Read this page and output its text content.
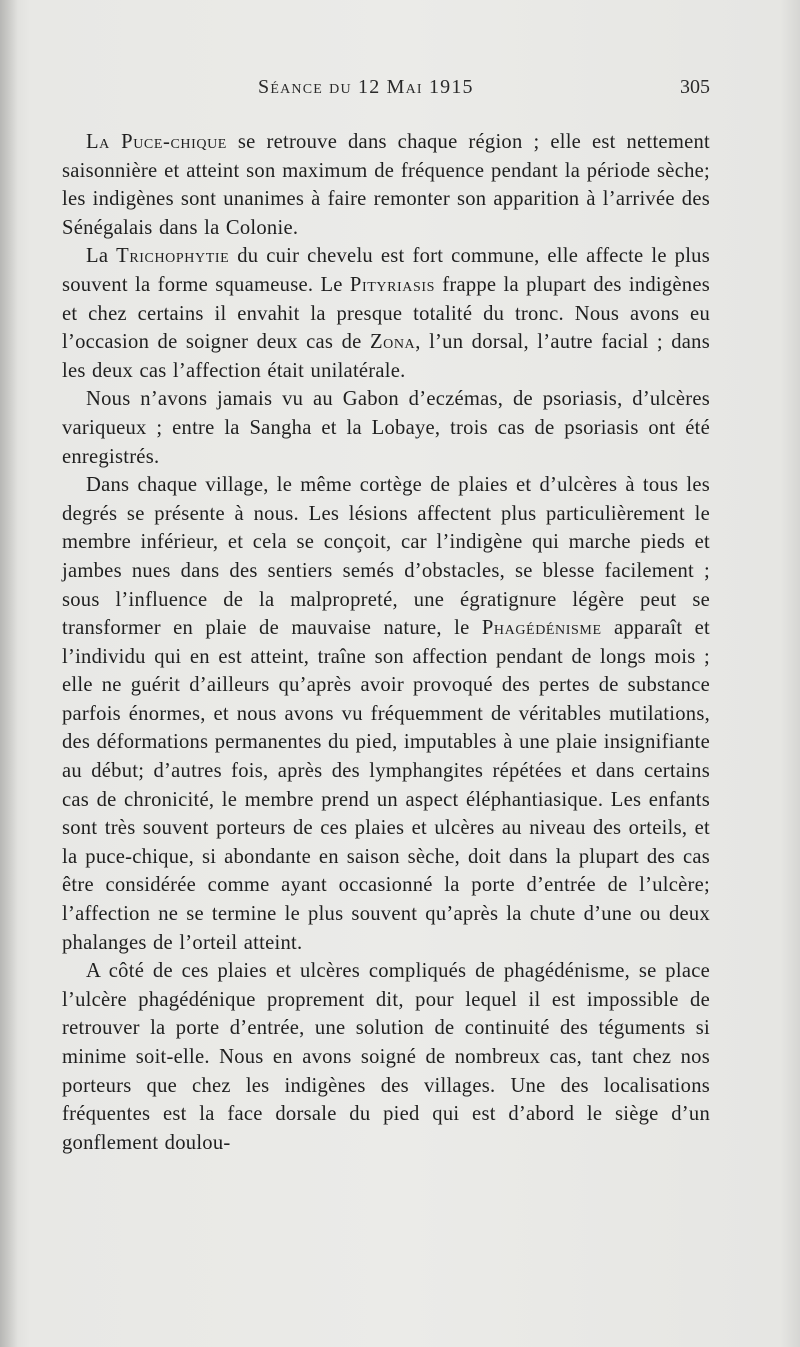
Séance du 12 Mai 1915	305

La Puce-chique se retrouve dans chaque région ; elle est nettement saisonnière et atteint son maximum de fréquence pendant la période sèche; les indigènes sont unanimes à faire remonter son apparition à l’arrivée des Sénégalais dans la Colonie.

La Trichophytie du cuir chevelu est fort commune, elle affecte le plus souvent la forme squameuse. Le Pityriasis frappe la plupart des indigènes et chez certains il envahit la presque totalité du tronc. Nous avons eu l’occasion de soigner deux cas de Zona, l’un dorsal, l’autre facial ; dans les deux cas l’affection était unilatérale.

Nous n’avons jamais vu au Gabon d’eczémas, de psoriasis, d’ulcères variqueux ; entre la Sangha et la Lobaye, trois cas de psoriasis ont été enregistrés.

Dans chaque village, le même cortège de plaies et d’ulcères à tous les degrés se présente à nous. Les lésions affectent plus particulièrement le membre inférieur, et cela se conçoit, car l’indigène qui marche pieds et jambes nues dans des sentiers semés d’obstacles, se blesse facilement ; sous l’influence de la malpropreté, une égratignure légère peut se transformer en plaie de mauvaise nature, le Phagédénisme apparaît et l’individu qui en est atteint, traîne son affection pendant de longs mois ; elle ne guérit d’ailleurs qu’après avoir provoqué des pertes de substance parfois énormes, et nous avons vu fréquemment de véritables mutilations, des déformations permanentes du pied, imputables à une plaie insignifiante au début; d’autres fois, après des lymphangites répétées et dans certains cas de chronicité, le membre prend un aspect éléphantiasique. Les enfants sont très souvent porteurs de ces plaies et ulcères au niveau des orteils, et la puce-chique, si abondante en saison sèche, doit dans la plupart des cas être considérée comme ayant occasionné la porte d’entrée de l’ulcère; l’affection ne se termine le plus souvent qu’après la chute d’une ou deux phalanges de l’orteil atteint.

A côté de ces plaies et ulcères compliqués de phagédénisme, se place l’ulcère phagédénique proprement dit, pour lequel il est impossible de retrouver la porte d’entrée, une solution de continuité des téguments si minime soit-elle. Nous en avons soigné de nombreux cas, tant chez nos porteurs que chez les indigènes des villages. Une des localisations fréquentes est la face dorsale du pied qui est d’abord le siège d’un gonflement doulou-
